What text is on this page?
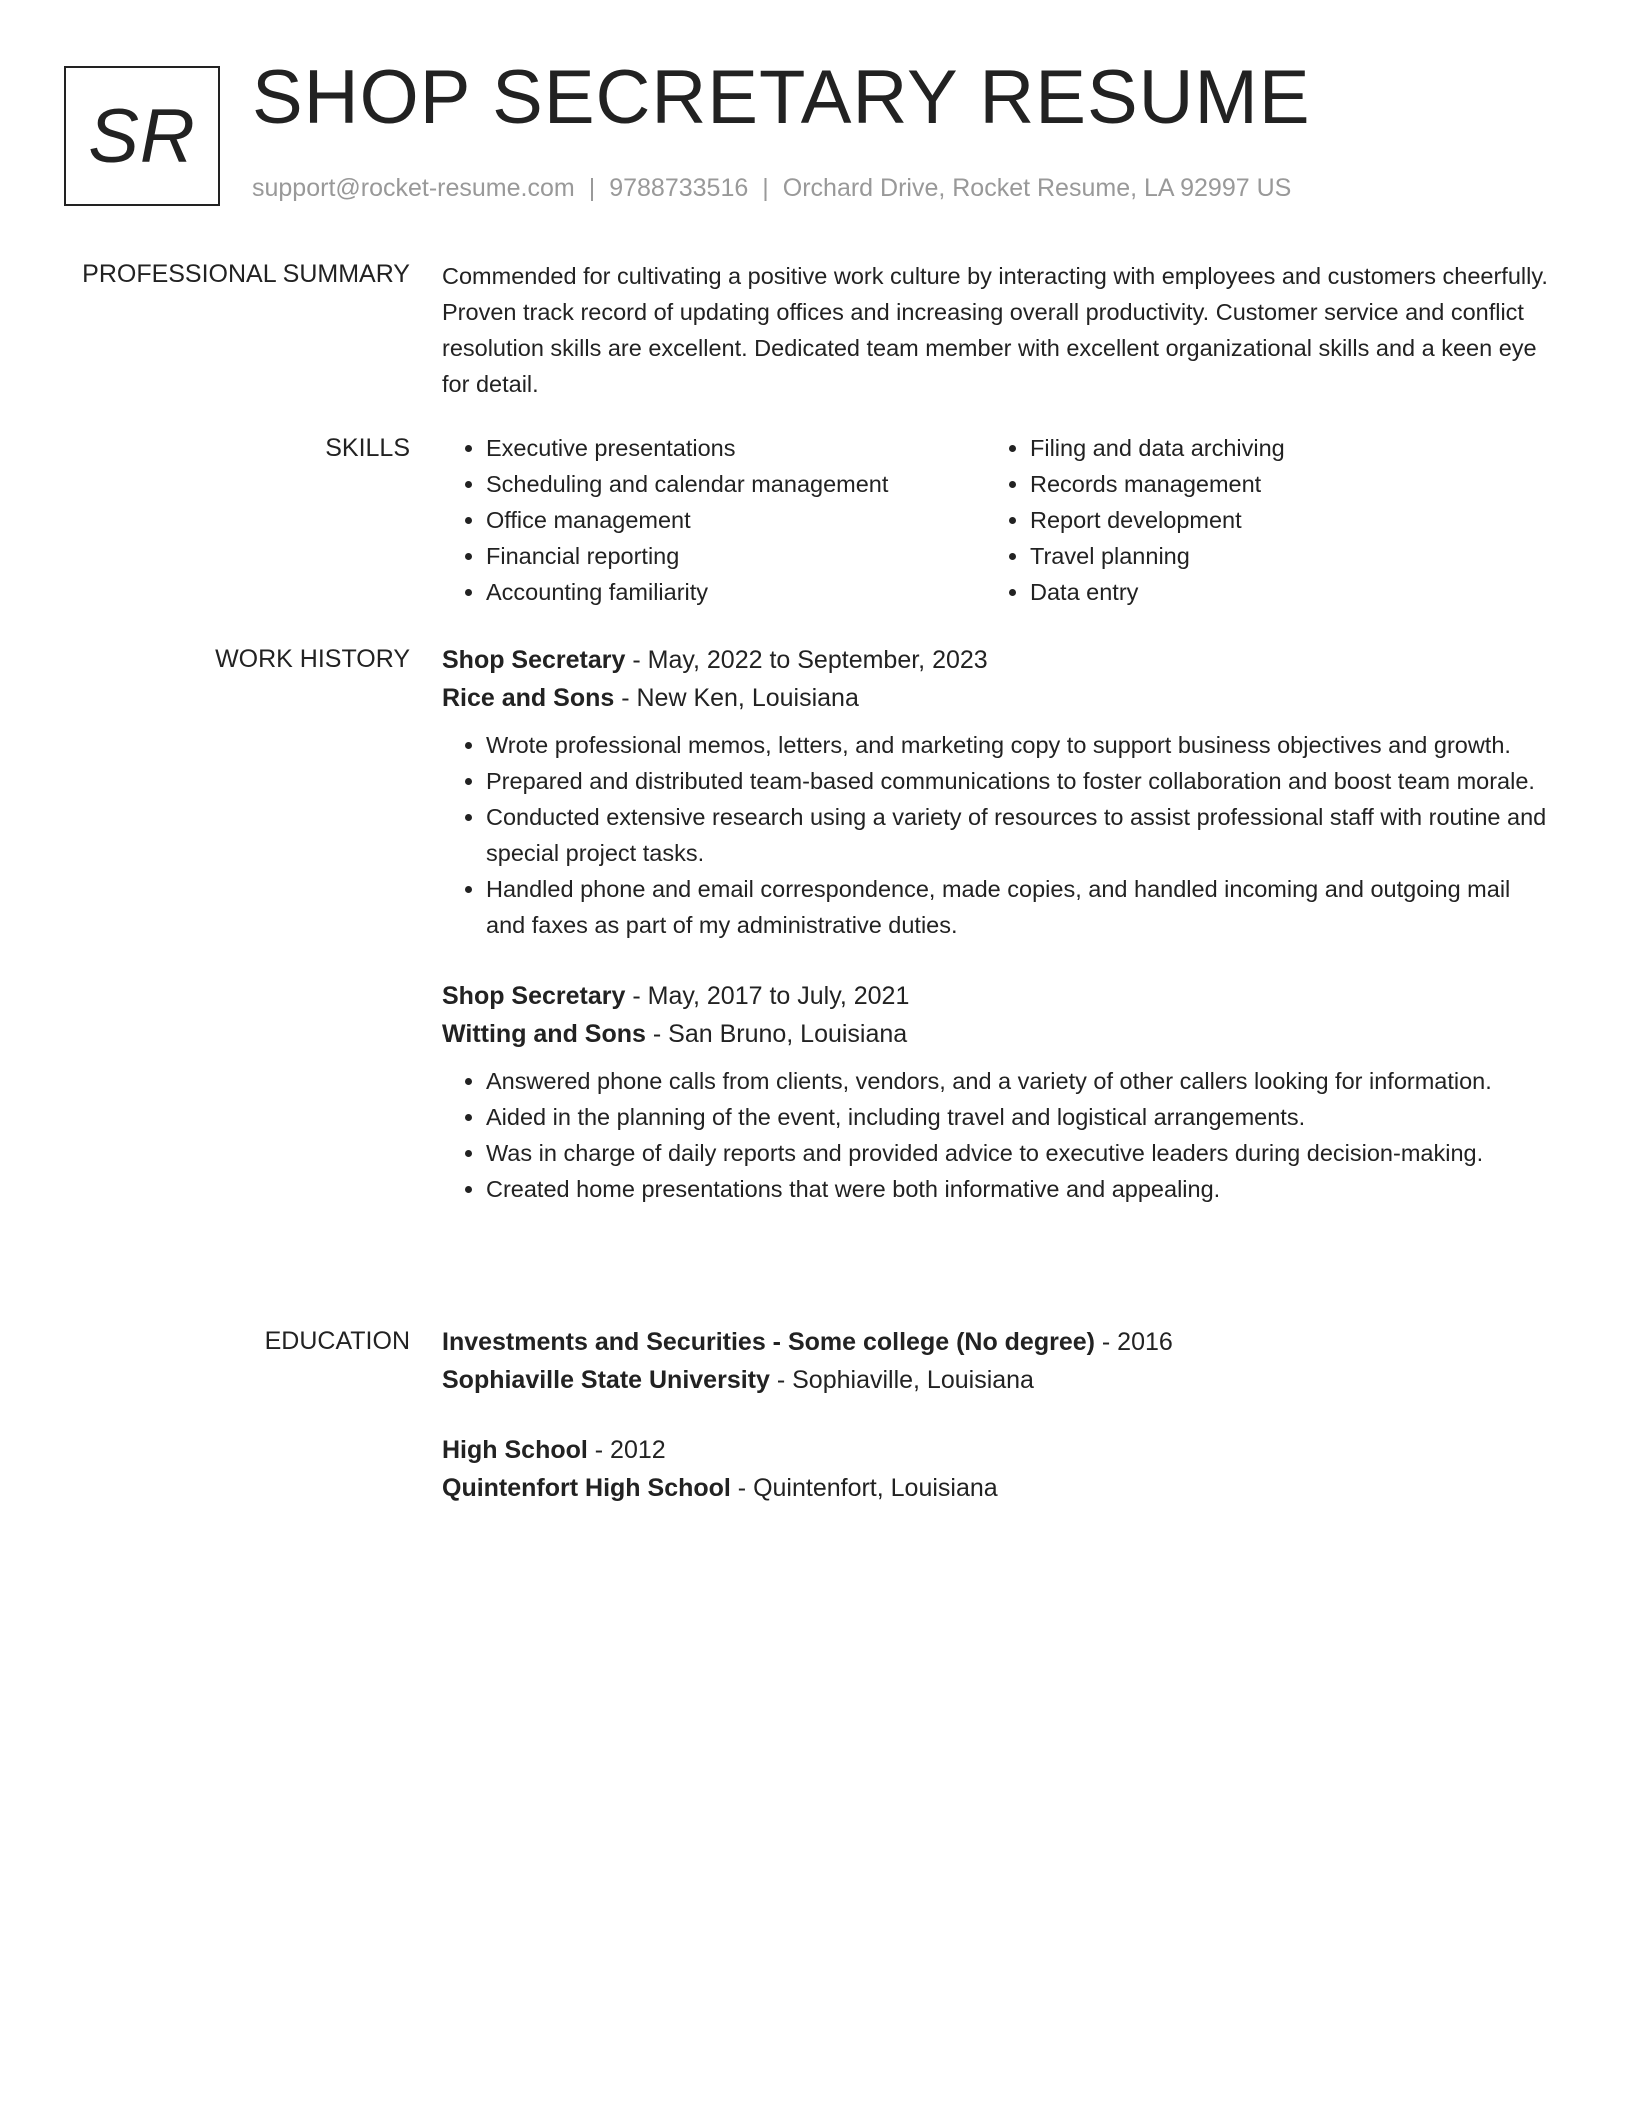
SR SHOP SECRETARY RESUME
support@rocket-resume.com | 9788733516 | Orchard Drive, Rocket Resume, LA 92997 US
PROFESSIONAL SUMMARY Commended for cultivating a positive work culture by interacting with employees and customers cheerfully. Proven track record of updating offices and increasing overall productivity. Customer service and conflict resolution skills are excellent. Dedicated team member with excellent organizational skills and a keen eye for detail.
SKILLS
•	Executive presentations
• Scheduling and calendar management
• Office management
• Financial reporting
• Accounting familiarity
• Filing and data archiving
• Records management
• Report development
• Travel planning
• Data entry
WORK HISTORY Shop Secretary - May, 2022 to September, 2023
Rice and Sons - New Ken, Louisiana
• Wrote professional memos, letters, and marketing copy to support business objectives and growth.
• Prepared and distributed team-based communications to foster collaboration and boost team morale.
• Conducted extensive research using a variety of resources to assist professional staff with routine and special project tasks.
• Handled phone and email correspondence, made copies, and handled incoming and outgoing mail and faxes as part of my administrative duties.
Shop Secretary - May, 2017 to July, 2021
Witting and Sons - San Bruno, Louisiana
• Answered phone calls from clients, vendors, and a variety of other callers looking for information.
• Aided in the planning of the event, including travel and logistical arrangements.
• Was in charge of daily reports and provided advice to executive leaders during decision-making.
• Created home presentations that were both informative and appealing.
EDUCATION Investments and Securities - Some college (No degree) - 2016
Sophiaville State University - Sophiaville, Louisiana
High School - 2012
Quintenfort High School - Quintenfort, Louisiana
